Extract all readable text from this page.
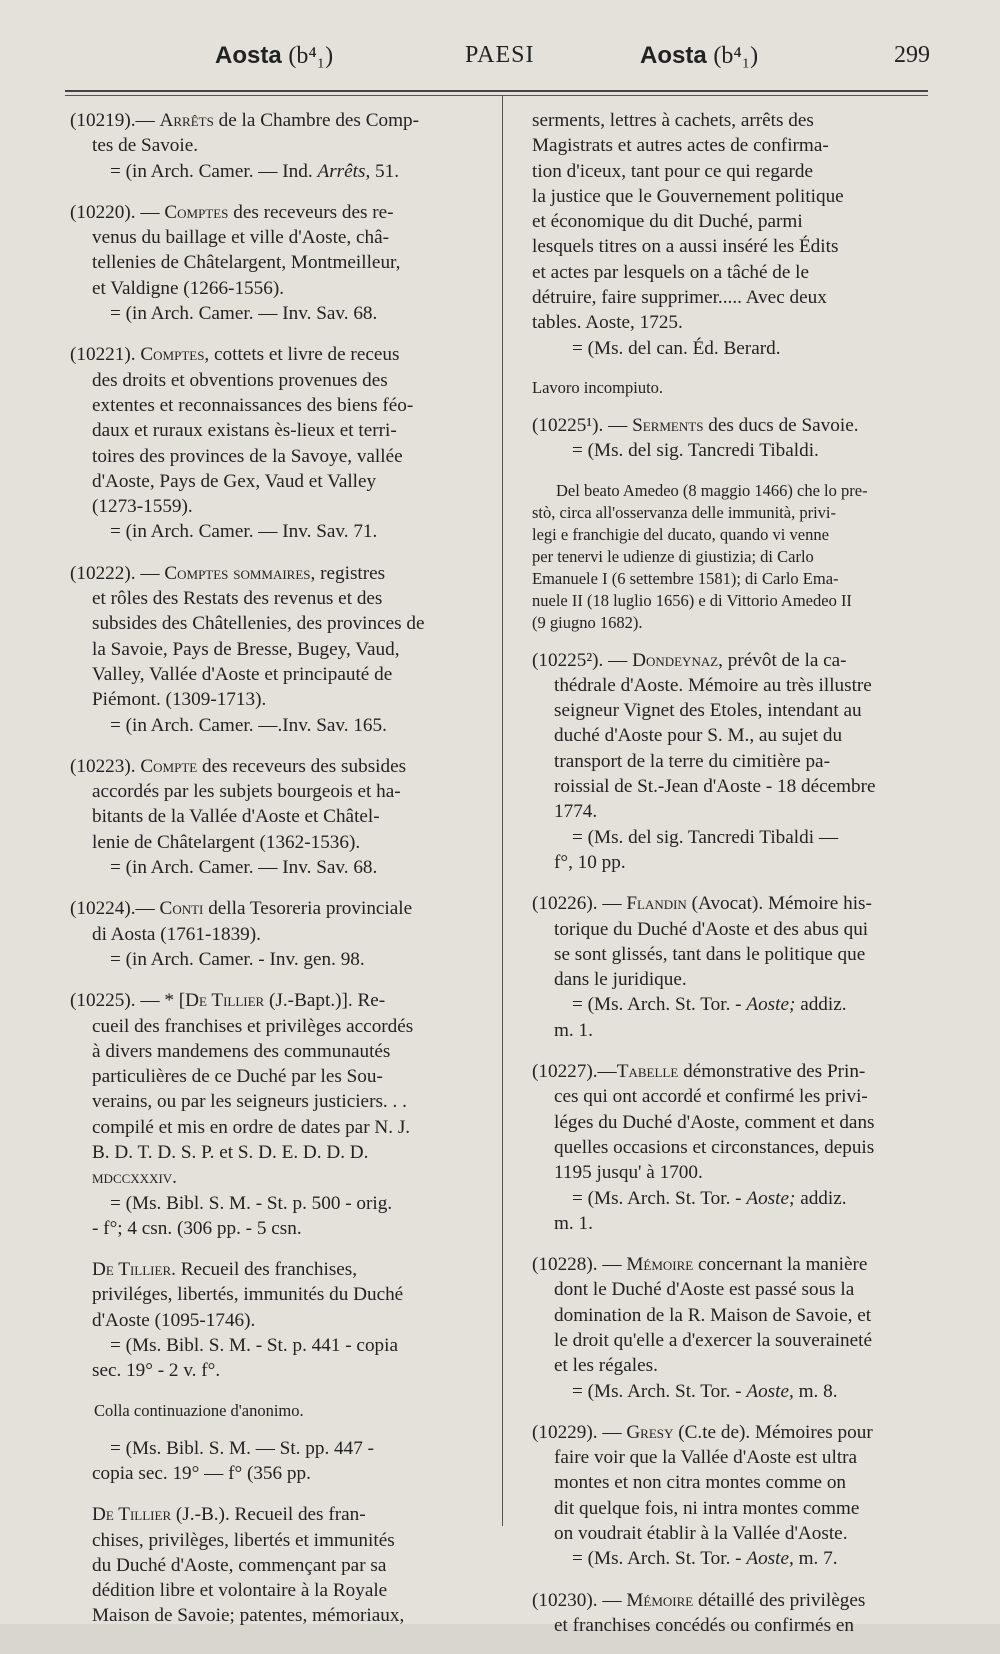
Aosta (b⁴₁)	PAESI	Aosta (b⁴₁)	299

(10219).— Arrêts de la Chambre des Comp-

tes de Savoie.

= (in Arch. Camer. — Ind. Arrêts, 51.

(10220). — Comptes des receveurs des re-

venus du baillage et ville d'Aoste, châ-

tellenies de Châtelargent, Montmeilleur,

et Valdigne (1266-1556).

= (in Arch. Camer. — Inv. Sav. 68.

(10221). Comptes, cottets et livre de receus

des droits et obventions provenues des

extentes et reconnaissances des biens féo-

daux et ruraux existans ès-lieux et terri-

toires des provinces de la Savoye, vallée

d'Aoste, Pays de Gex, Vaud et Valley

(1273-1559).

= (in Arch. Camer. — Inv. Sav. 71.

(10222). — Comptes sommaires, registres

et rôles des Restats des revenus et des

subsides des Châtellenies, des provinces de

la Savoie, Pays de Bresse, Bugey, Vaud,

Valley, Vallée d'Aoste et principauté de

Piémont. (1309-1713).

= (in Arch. Camer. —.Inv. Sav. 165.

(10223). Compte des receveurs des subsides

accordés par les subjets bourgeois et ha-

bitants de la Vallée d'Aoste et Châtel-

lenie de Châtelargent (1362-1536).

= (in Arch. Camer. — Inv. Sav. 68.

(10224).— Conti della Tesoreria provinciale

di Aosta (1761-1839).

= (in Arch. Camer. - Inv. gen. 98.

(10225). — * [De Tillier (J.-Bapt.)]. Re-

cueil des franchises et privilèges accordés

à divers mandemens des communautés

particulières de ce Duché par les Sou-

verains, ou par les seigneurs justiciers. . .

compilé et mis en ordre de dates par N. J.

B. D. T. D. S. P. et S. D. E. D. D. D.

mdccxxxiv.

= (Ms. Bibl. S. M. - St. p. 500 - orig.

- f°; 4 csn. (306 pp. - 5 csn.

De Tillier. Recueil des franchises,

priviléges, libertés, immunités du Duché

d'Aoste (1095-1746).

= (Ms. Bibl. S. M. - St. p. 441 - copia

sec. 19° - 2 v. f°.

Colla continuazione d'anonimo.

= (Ms. Bibl. S. M. — St. pp. 447 -

copia sec. 19° — f° (356 pp.

De Tillier (J.-B.). Recueil des fran-

chises, privilèges, libertés et immunités

du Duché d'Aoste, commençant par sa

dédition libre et volontaire à la Royale

Maison de Savoie; patentes, mémoriaux,

serments, lettres à cachets, arrêts des

Magistrats et autres actes de confirma-

tion d'iceux, tant pour ce qui regarde

la justice que le Gouvernement politique

et économique du dit Duché, parmi

lesquels titres on a aussi inséré les Édits

et actes par lesquels on a tâché de le

détruire, faire supprimer..... Avec deux

tables. Aoste, 1725.

= (Ms. del can. Éd. Berard.

Lavoro incompiuto.

(10225¹). — Serments des ducs de Savoie.

= (Ms. del sig. Tancredi Tibaldi.

Del beato Amedeo (8 maggio 1466) che lo pre-

stò, circa all'osservanza delle immunità, privi-

legi e franchigie del ducato, quando vi venne

per tenervi le udienze di giustizia; di Carlo

Emanuele I (6 settembre 1581); di Carlo Ema-

nuele II (18 luglio 1656) e di Vittorio Amedeo II

(9 giugno 1682).

(10225²). — Dondeynaz, prévôt de la ca-

thédrale d'Aoste. Mémoire au très illustre

seigneur Vignet des Etoles, intendant au

duché d'Aoste pour S. M., au sujet du

transport de la terre du cimitière pa-

roissial de St.-Jean d'Aoste - 18 décembre

1774.

= (Ms. del sig. Tancredi Tibaldi —

f°, 10 pp.

(10226). — Flandin (Avocat). Mémoire his-

torique du Duché d'Aoste et des abus qui

se sont glissés, tant dans le politique que

dans le juridique.

= (Ms. Arch. St. Tor. - Aoste; addiz.

m. 1.

(10227).—Tabelle démonstrative des Prin-

ces qui ont accordé et confirmé les privi-

léges du Duché d'Aoste, comment et dans

quelles occasions et circonstances, depuis

1195 jusqu' à 1700.

= (Ms. Arch. St. Tor. - Aoste; addiz.

m. 1.

(10228). — Mémoire concernant la manière

dont le Duché d'Aoste est passé sous la

domination de la R. Maison de Savoie, et

le droit qu'elle a d'exercer la souveraineté

et les régales.

= (Ms. Arch. St. Tor. - Aoste, m. 8.

(10229). — Gresy (C.te de). Mémoires pour

faire voir que la Vallée d'Aoste est ultra

montes et non citra montes comme on

dit quelque fois, ni intra montes comme

on voudrait établir à la Vallée d'Aoste.

= (Ms. Arch. St. Tor. - Aoste, m. 7.

(10230). — Mémoire détaillé des privilèges

et franchises concédés ou confirmés en
